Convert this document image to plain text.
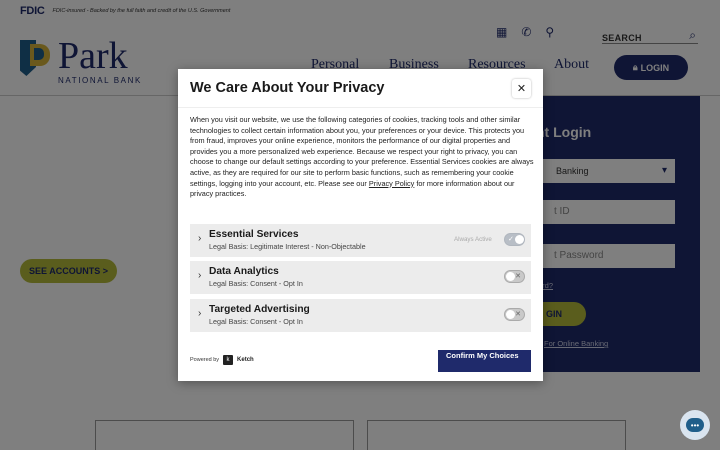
•••
We Care About Your Privacy	✕
When you visit our website, we use the following categories of cookies, tracking tools and other similar technologies to collect certain information about you, your preferences or your device. This protects you from fraud, improves your online experience, monitors the performance of our digital properties and provides you a more personalized web experience. Because we respect your right to privacy, you can choose to change our default settings according to your preference. Essential Services cookies are always active, as they are required for our site to perform basic functions, such as remembering your cookie settings, logging into your account, etc. Please see our Privacy Policy for more information about our privacy practices.
› Essential Services
Legal Basis: Legitimate Interest - Non-Objectable
Always Active ✓
› Data Analytics
Legal Basis: Consent - Opt In
✕
› Targeted Advertising
Legal Basis: Consent - Opt In
✕
Powered by	k	Ketch	Confirm My Choices
